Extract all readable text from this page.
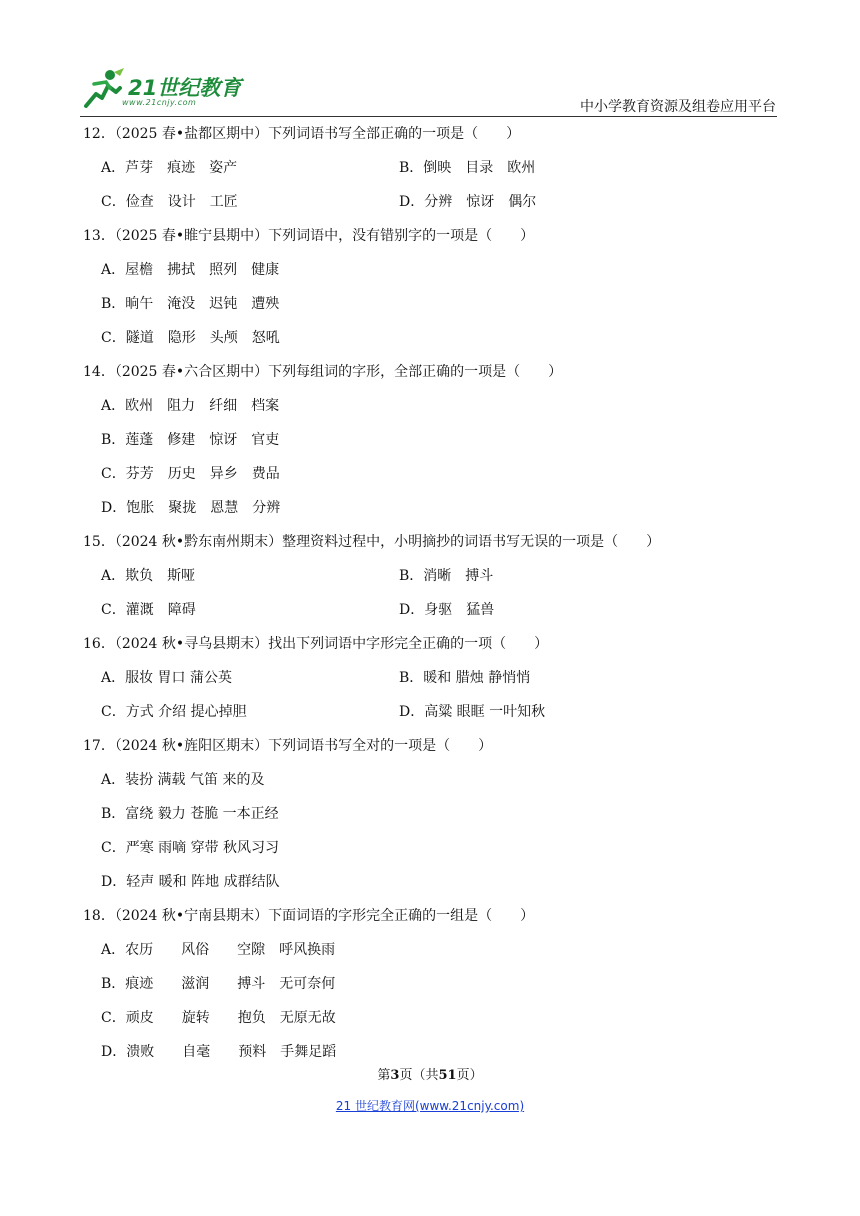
21世纪教育
www.21cnjy.com	中小学教育资源及组卷应用平台
12．（2025 春•盐都区期中）下列词语书写全部正确的一项是（　　）
A．芦芽　痕迹　姿产	B．倒映　目录　欧州
C．俭查　设计　工匠	D．分辨　惊讶　偶尔
13．（2025 春•睢宁县期中）下列词语中，没有错别字的一项是（　　）
A．屋檐　拂拭　照列　健康
B．晌午　淹没　迟钝　遭殃
C．隧道　隐形　头颅　怒吼
14．（2025 春•六合区期中）下列每组词的字形，全部正确的一项是（　　）
A．欧州　阻力　纤细　档案
B．莲蓬　修建　惊讶　官吏
C．芬芳　历史　异乡　费品
D．饱胀　聚拢　恩慧　分辨
15．（2024 秋•黔东南州期末）整理资料过程中，小明摘抄的词语书写无误的一项是（　　）
A．欺负　斯哑	B．消晰　搏斗
C．灌溉　障碍	D．身驱　猛兽
16．（2024 秋•寻乌县期末）找出下列词语中字形完全正确的一项（　　）
A．服妆 胃口 蒲公英	B．暖和 腊烛 静悄悄
C．方式 介绍 提心掉胆	D．高粱 眼眶 一叶知秋
17．（2024 秋•旌阳区期末）下列词语书写全对的一项是（　　）
A．装扮 满载 气笛 来的及
B．富绕 毅力 苍脆 一本正经
C．严寒 雨嘀 穿带 秋风习习
D．轻声 暖和 阵地 成群结队
18．（2024 秋•宁南县期末）下面词语的字形完全正确的一组是（　　）
A．农历　　风俗　　空隙　呼风换雨
B．痕迹　　滋润　　搏斗　无可奈何
C．顽皮　　旋转　　抱负　无原无故
D．溃败　　自毫　　预料　手舞足蹈
第3页（共51页）
21 世纪教育网(www.21cnjy.com)
